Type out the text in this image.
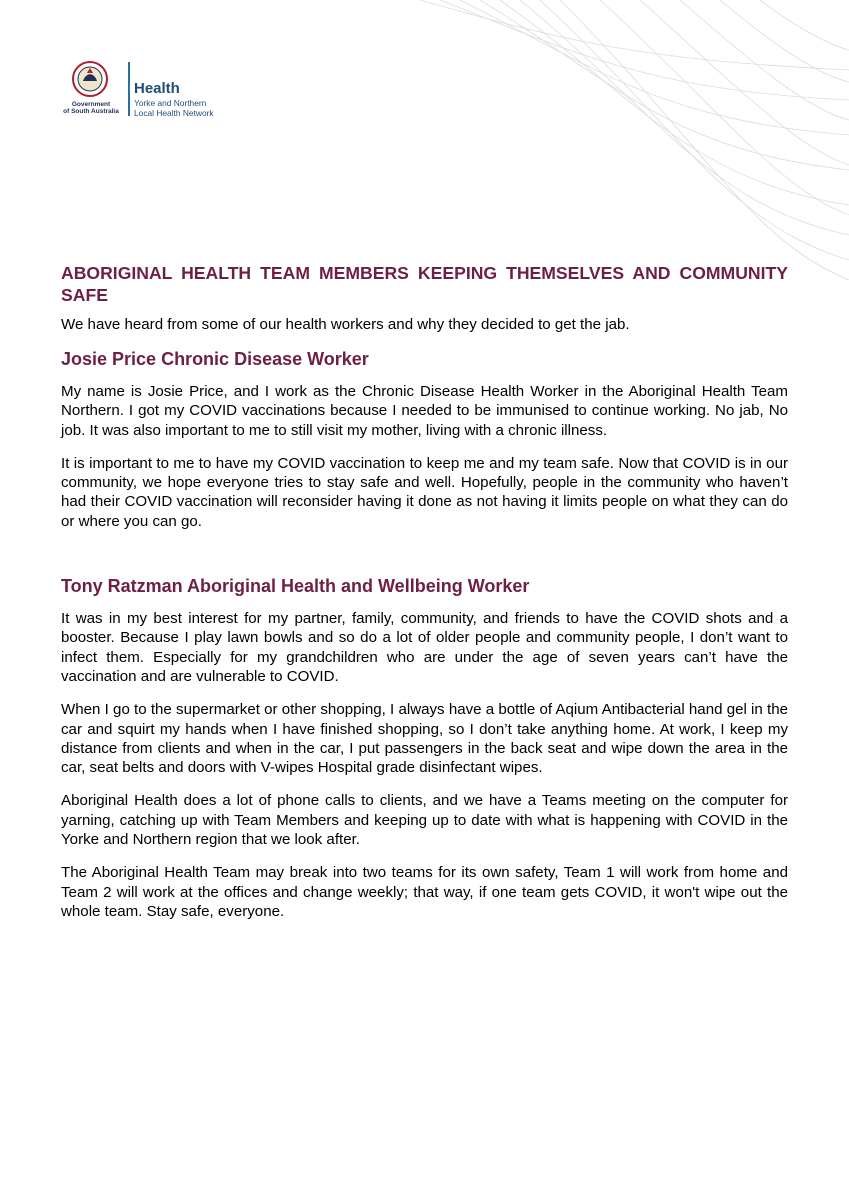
Government
of South Australia
Health
Yorke and Northern
Local Health Network

ABORIGINAL HEALTH TEAM MEMBERS KEEPING THEMSELVES AND COMMUNITY SAFE

We have heard from some of our health workers and why they decided to get the jab.

Josie Price Chronic Disease Worker

My name is Josie Price, and I work as the Chronic Disease Health Worker in the Aboriginal Health Team Northern. I got my COVID vaccinations because I needed to be immunised to continue working. No jab, No job. It was also important to me to still visit my mother, living with a chronic illness.

It is important to me to have my COVID vaccination to keep me and my team safe. Now that COVID is in our community, we hope everyone tries to stay safe and well. Hopefully, people in the community who haven’t had their COVID vaccination will reconsider having it done as not having it limits people on what they can do or where you can go.

Tony Ratzman Aboriginal Health and Wellbeing Worker

It was in my best interest for my partner, family, community, and friends to have the COVID shots and a booster. Because I play lawn bowls and so do a lot of older people and community people, I don’t want to infect them. Especially for my grandchildren who are under the age of seven years can’t have the vaccination and are vulnerable to COVID.

When I go to the supermarket or other shopping, I always have a bottle of Aqium Antibacterial hand gel in the car and squirt my hands when I have finished shopping, so I don’t take anything home. At work, I keep my distance from clients and when in the car, I put passengers in the back seat and wipe down the area in the car, seat belts and doors with V-wipes Hospital grade disinfectant wipes.

Aboriginal Health does a lot of phone calls to clients, and we have a Teams meeting on the computer for yarning, catching up with Team Members and keeping up to date with what is happening with COVID in the Yorke and Northern region that we look after.

The Aboriginal Health Team may break into two teams for its own safety, Team 1 will work from home and Team 2 will work at the offices and change weekly; that way, if one team gets COVID, it won't wipe out the whole team. Stay safe, everyone.
